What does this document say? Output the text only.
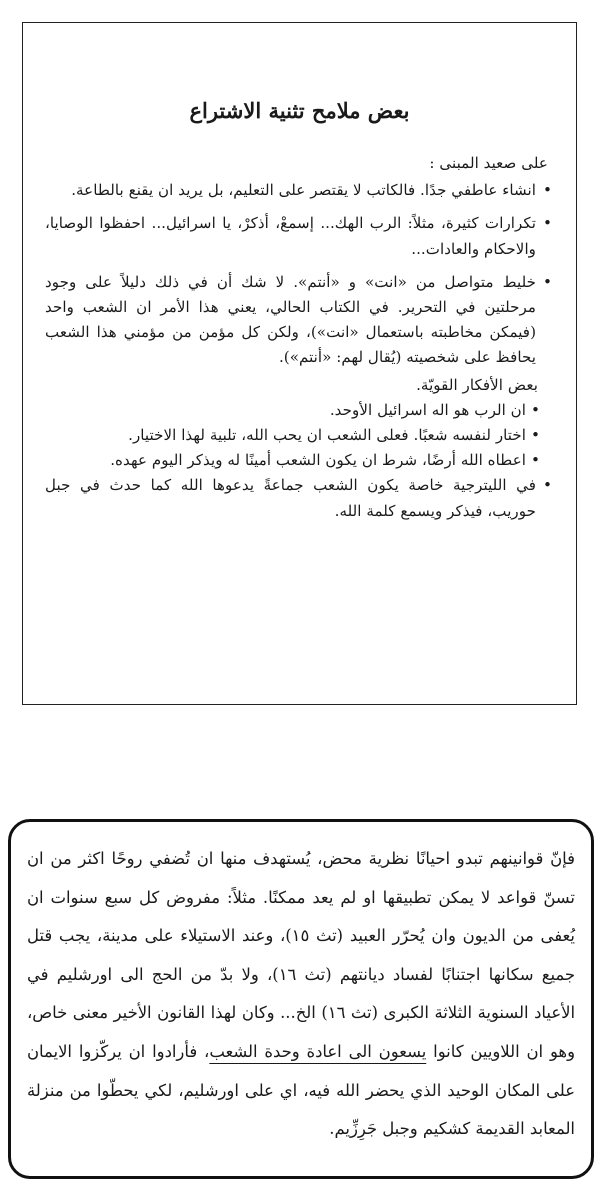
بعض ملامح تثنية الاشتراع

على صعيد المبنى :

• انشاء عاطفي جدًا. فالكاتب لا يقتصر على التعليم، بل يريد ان يقنع بالطاعة.

• تكرارات كثيرة، مثلاً: الرب الهك... إسمعْ، أذكرْ، يا اسرائيل... احفظوا الوصايا، والاحكام والعادات...

• خليط متواصل من «انت» و «أنتم». لا شك أن في ذلك دليلاً على وجود مرحلتين في التحرير. في الكتاب الحالي، يعني هذا الأمر ان الشعب واحد (فيمكن مخاطبته باستعمال «انت»)، ولكن كل مؤمن من مؤمني هذا الشعب يحافظ على شخصيته (يُقال لهم: «أنتم»).

بعض الأفكار القويّة.

• ان الرب هو اله اسرائيل الأوحد.

• اختار لنفسه شعبًا. فعلى الشعب ان يحب الله، تلبية لهذا الاختيار.

• اعطاه الله أرضًا، شرط ان يكون الشعب أمينًا له ويذكر اليوم عهده.

• في الليترجية خاصة يكون الشعب جماعةً يدعوها الله كما حدث في جبل حوريب، فيذكر ويسمع كلمة الله.

فإنّ قوانينهم تبدو احيانًا نظرية محض، يُستهدف منها ان تُضفي روحًا اكثر من ان تسنّ قواعد لا يمكن تطبيقها او لم يعد ممكنًا. مثلاً: مفروض كل سبع سنوات ان يُعفى من الديون وان يُحرّر العبيد (تث ١٥)، وعند الاستيلاء على مدينة، يجب قتل جميع سكانها اجتنابًا لفساد ديانتهم (تث ١٦)، ولا بدّ من الحج الى اورشليم في الأعياد السنوية الثلاثة الكبرى (تث ١٦) الخ... وكان لهذا القانون الأخير معنى خاص، وهو ان اللاويين كانوا يسعون الى اعادة وحدة الشعب، فأرادوا ان يركّزوا الايمان على المكان الوحيد الذي يحضر الله فيه، اي على اورشليم، لكي يحطّوا من منزلة المعابد القديمة كشكيم وجبل جَرِزِّيم.
